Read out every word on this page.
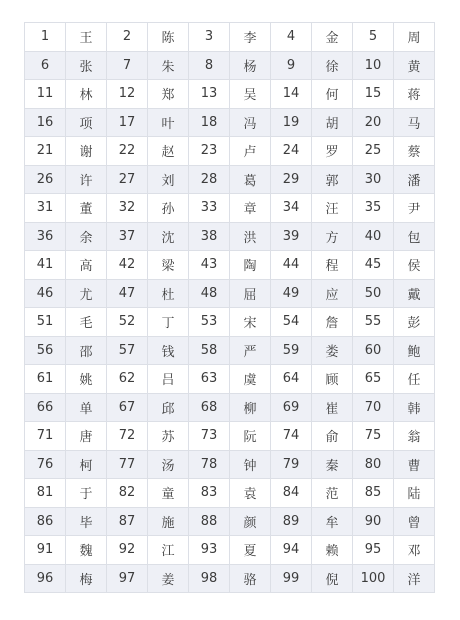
1	王	2	陈	3	李	4	金	5	周
6	张	7	朱	8	杨	9	徐	10	黄
11	林	12	郑	13	吴	14	何	15	蒋
16	项	17	叶	18	冯	19	胡	20	马
21	谢	22	赵	23	卢	24	罗	25	蔡
26	许	27	刘	28	葛	29	郭	30	潘
31	董	32	孙	33	章	34	汪	35	尹
36	余	37	沈	38	洪	39	方	40	包
41	高	42	梁	43	陶	44	程	45	侯
46	尤	47	杜	48	屈	49	应	50	戴
51	毛	52	丁	53	宋	54	詹	55	彭
56	邵	57	钱	58	严	59	娄	60	鲍
61	姚	62	吕	63	虞	64	顾	65	任
66	单	67	邱	68	柳	69	崔	70	韩
71	唐	72	苏	73	阮	74	俞	75	翁
76	柯	77	汤	78	钟	79	秦	80	曹
81	于	82	童	83	袁	84	范	85	陆
86	毕	87	施	88	颜	89	牟	90	曾
91	魏	92	江	93	夏	94	赖	95	邓
96	梅	97	姜	98	骆	99	倪	100	洋
